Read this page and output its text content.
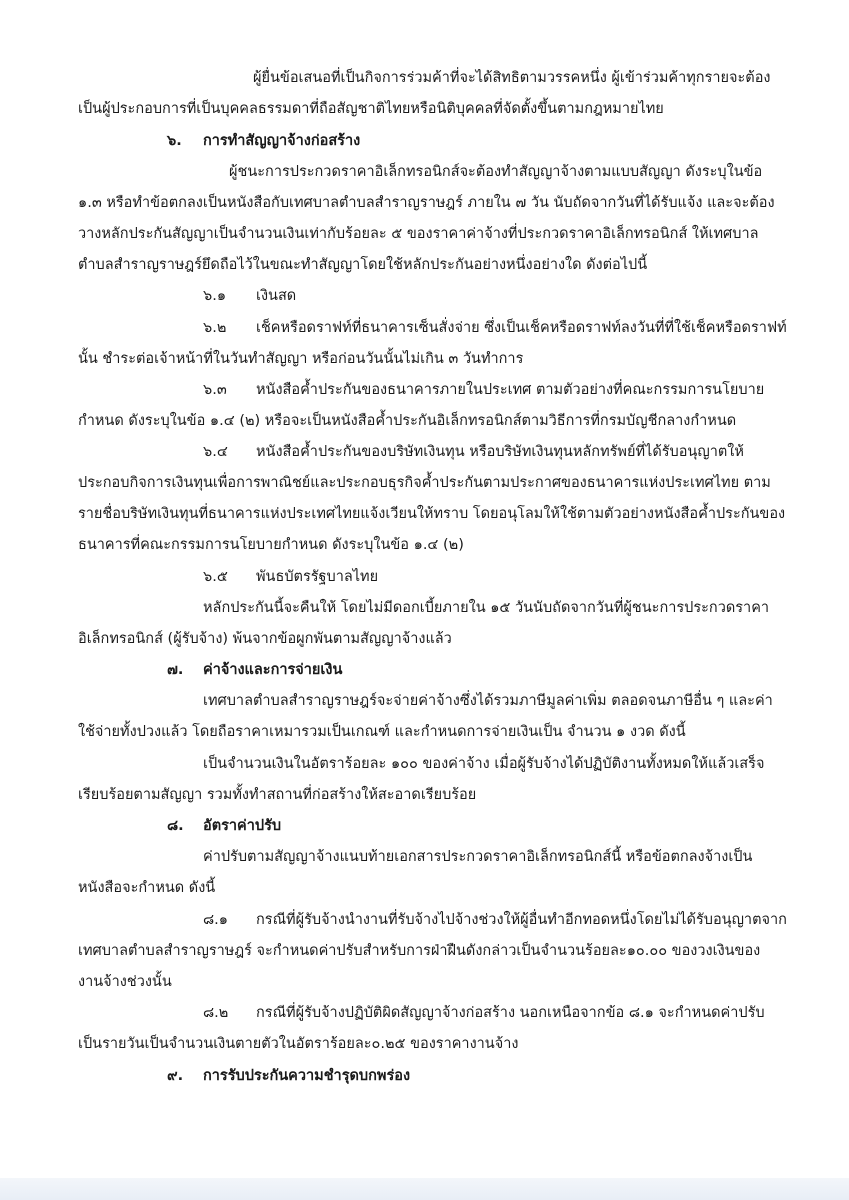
ผู้ยื่นข้อเสนอที่เป็นกิจการร่วมค้าที่จะได้สิทธิตามวรรคหนึ่ง ผู้เข้าร่วมค้าทุกรายจะต้อง
เป็นผู้ประกอบการที่เป็นบุคคลธรรมดาที่ถือสัญชาติไทยหรือนิติบุคคลที่จัดตั้งขึ้นตามกฎหมายไทย
๖. การทำสัญญาจ้างก่อสร้าง
ผู้ชนะการประกวดราคาอิเล็กทรอนิกส์จะต้องทำสัญญาจ้างตามแบบสัญญา ดังระบุในข้อ
๑.๓ หรือทำข้อตกลงเป็นหนังสือกับเทศบาลตำบลสำราญราษฎร์ ภายใน ๗ วัน นับถัดจากวันที่ได้รับแจ้ง และจะต้อง
วางหลักประกันสัญญาเป็นจำนวนเงินเท่ากับร้อยละ ๕ ของราคาค่าจ้างที่ประกวดราคาอิเล็กทรอนิกส์ ให้เทศบาล
ตำบลสำราญราษฎร์ยึดถือไว้ในขณะทำสัญญาโดยใช้หลักประกันอย่างหนึ่งอย่างใด ดังต่อไปนี้
๖.๑ เงินสด
๖.๒ เช็คหรือดราฟท์ที่ธนาคารเซ็นสั่งจ่าย ซึ่งเป็นเช็คหรือดราฟท์ลงวันที่ที่ใช้เช็คหรือดราฟท์
นั้น ชำระต่อเจ้าหน้าที่ในวันทำสัญญา หรือก่อนวันนั้นไม่เกิน ๓ วันทำการ
๖.๓ หนังสือค้ำประกันของธนาคารภายในประเทศ ตามตัวอย่างที่คณะกรรมการนโยบาย
กำหนด ดังระบุในข้อ ๑.๔ (๒) หรือจะเป็นหนังสือค้ำประกันอิเล็กทรอนิกส์ตามวิธีการที่กรมบัญชีกลางกำหนด
๖.๔ หนังสือค้ำประกันของบริษัทเงินทุน หรือบริษัทเงินทุนหลักทรัพย์ที่ได้รับอนุญาตให้
ประกอบกิจการเงินทุนเพื่อการพาณิชย์และประกอบธุรกิจค้ำประกันตามประกาศของธนาคารแห่งประเทศไทย ตาม
รายชื่อบริษัทเงินทุนที่ธนาคารแห่งประเทศไทยแจ้งเวียนให้ทราบ โดยอนุโลมให้ใช้ตามตัวอย่างหนังสือค้ำประกันของ
ธนาคารที่คณะกรรมการนโยบายกำหนด ดังระบุในข้อ ๑.๔ (๒)
๖.๕ พันธบัตรรัฐบาลไทย
หลักประกันนี้จะคืนให้ โดยไม่มีดอกเบี้ยภายใน ๑๕ วันนับถัดจากวันที่ผู้ชนะการประกวดราคา
อิเล็กทรอนิกส์ (ผู้รับจ้าง) พ้นจากข้อผูกพันตามสัญญาจ้างแล้ว
๗. ค่าจ้างและการจ่ายเงิน
เทศบาลตำบลสำราญราษฎร์จะจ่ายค่าจ้างซึ่งได้รวมภาษีมูลค่าเพิ่ม ตลอดจนภาษีอื่น ๆ และค่า
ใช้จ่ายทั้งปวงแล้ว โดยถือราคาเหมารวมเป็นเกณฑ์ และกำหนดการจ่ายเงินเป็น จำนวน ๑ งวด ดังนี้
เป็นจำนวนเงินในอัตราร้อยละ ๑๐๐ ของค่าจ้าง เมื่อผู้รับจ้างได้ปฏิบัติงานทั้งหมดให้แล้วเสร็จ
เรียบร้อยตามสัญญา รวมทั้งทำสถานที่ก่อสร้างให้สะอาดเรียบร้อย
๘. อัตราค่าปรับ
ค่าปรับตามสัญญาจ้างแนบท้ายเอกสารประกวดราคาอิเล็กทรอนิกส์นี้ หรือข้อตกลงจ้างเป็น
หนังสือจะกำหนด ดังนี้
๘.๑ กรณีที่ผู้รับจ้างนำงานที่รับจ้างไปจ้างช่วงให้ผู้อื่นทำอีกทอดหนึ่งโดยไม่ได้รับอนุญาตจาก
เทศบาลตำบลสำราญราษฎร์ จะกำหนดค่าปรับสำหรับการฝ่าฝืนดังกล่าวเป็นจำนวนร้อยละ๑๐.๐๐ ของวงเงินของ
งานจ้างช่วงนั้น
๘.๒ กรณีที่ผู้รับจ้างปฏิบัติผิดสัญญาจ้างก่อสร้าง นอกเหนือจากข้อ ๘.๑ จะกำหนดค่าปรับ
เป็นรายวันเป็นจำนวนเงินตายตัวในอัตราร้อยละ๐.๒๕ ของราคางานจ้าง
๙. การรับประกันความชำรุดบกพร่อง
